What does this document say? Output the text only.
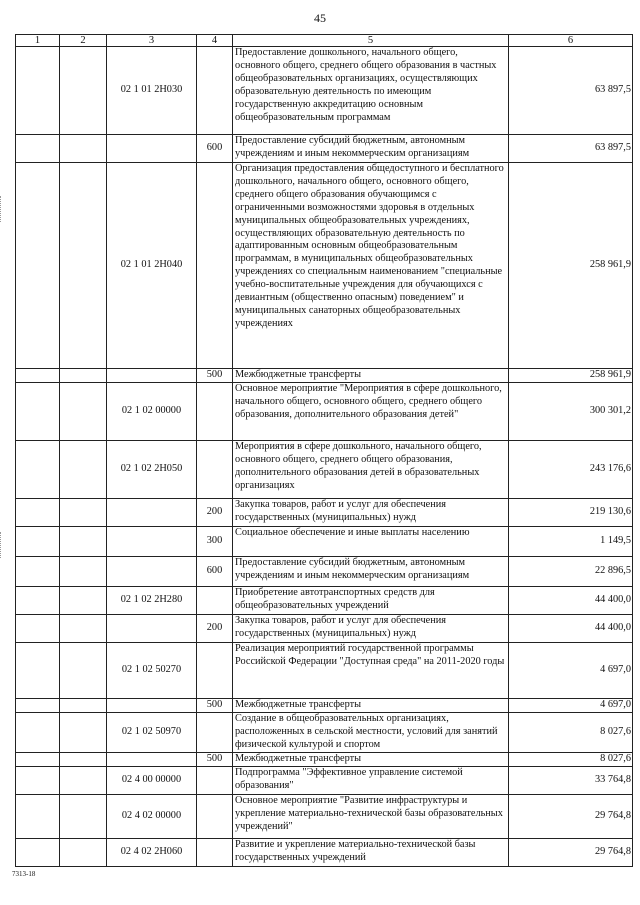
45
1	2	3	4	5	6
		02 1 01 2Н030		Предоставление дошкольного, начального общего, основного общего, среднего общего образования в частных общеобразовательных организациях, осуществляющих образовательную деятельность по имеющим государственную аккредитацию основным общеобразовательным программам	63 897,5
			600	Предоставление субсидий бюджетным, автономным учреждениям и иным некоммерческим организациям	63 897,5
		02 1 01 2Н040		Организация предоставления общедоступного и бесплатного дошкольного, начального общего, основного общего, среднего общего образования обучающимся с ограниченными возможностями здоровья в отдельных муниципальных общеобразовательных учреждениях, осуществляющих образовательную деятельность по адаптированным основным общеобразовательным программам, в муниципальных общеобразовательных учреждениях со специальным наименованием "специальные учебно-воспитательные учреждения для обучающихся с девиантным (общественно опасным) поведением" и муниципальных санаторных общеобразовательных учреждениях	258 961,9
			500	Межбюджетные трансферты	258 961,9
		02 1 02 00000		Основное мероприятие "Мероприятия в сфере дошкольного, начального общего, основного общего, среднего общего образования, дополнительного образования детей"	300 301,2
		02 1 02 2Н050		Мероприятия в сфере дошкольного, начального общего, основного общего, среднего общего образования, дополнительного образования детей в образовательных организациях	243 176,6
			200	Закупка товаров, работ и услуг для обеспечения государственных (муниципальных) нужд	219 130,6
			300	Социальное обеспечение и иные выплаты населению	1 149,5
			600	Предоставление субсидий бюджетным, автономным учреждениям и иным некоммерческим организациям	22 896,5
		02 1 02 2Н280		Приобретение автотранспортных средств для общеобразовательных учреждений	44 400,0
			200	Закупка товаров, работ и услуг для обеспечения государственных (муниципальных) нужд	44 400,0
		02 1 02 50270		Реализация мероприятий государственной программы Российской Федерации "Доступная среда" на 2011-2020 годы	4 697,0
			500	Межбюджетные трансферты	4 697,0
		02 1 02 50970		Создание в общеобразовательных организациях, расположенных в сельской местности, условий для занятий физической культурой и спортом	8 027,6
			500	Межбюджетные трансферты	8 027,6
		02 4 00 00000		Подпрограмма "Эффективное управление системой образования"	33 764,8
		02 4 02 00000		Основное мероприятие "Развитие инфраструктуры и укрепление материально-технической базы образовательных учреждений"	29 764,8
		02 4 02 2Н060		Развитие и укрепление материально-технической базы государственных учреждений	29 764,8
7313-18
